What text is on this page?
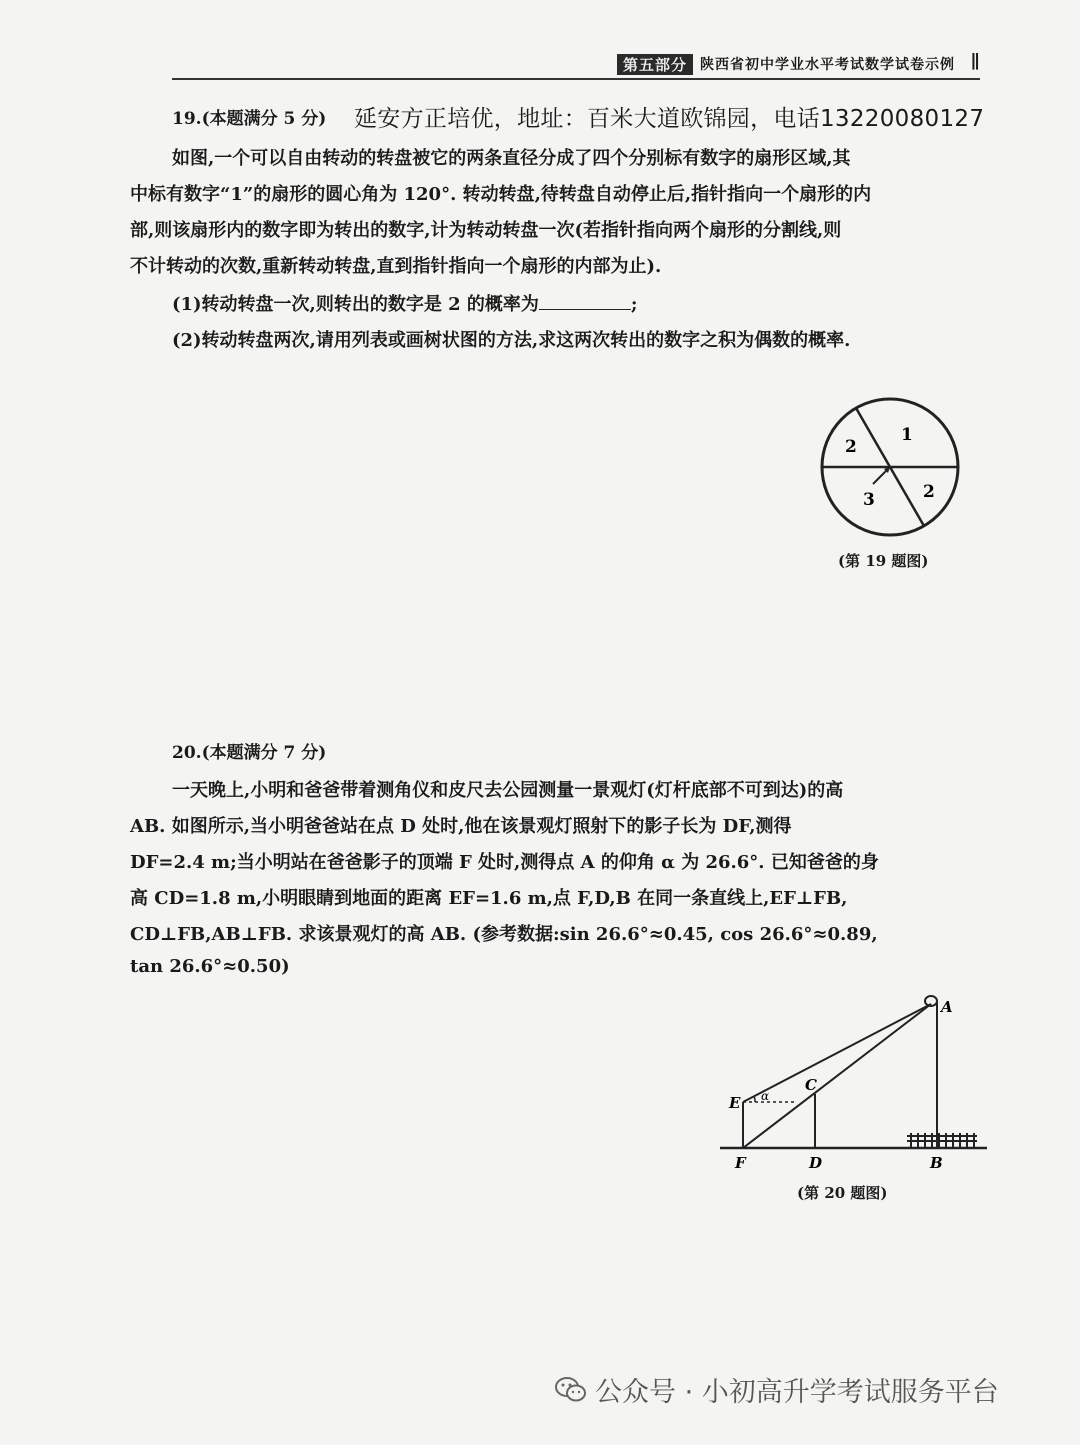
第五部分 陕西省初中学业水平考试数学试卷示例 ∥
19.(本题满分 5 分) 延安方正培优，地址：百米大道欧锦园，电话13220080127
如图,一个可以自由转动的转盘被它的两条直径分成了四个分别标有数字的扇形区域,其
中标有数字“1”的扇形的圆心角为 120°. 转动转盘,待转盘自动停止后,指针指向一个扇形的内
部,则该扇形内的数字即为转出的数字,计为转动转盘一次(若指针指向两个扇形的分割线,则
不计转动的次数,重新转动转盘,直到指针指向一个扇形的内部为止).
(1)转动转盘一次,则转出的数字是 2 的概率为	;
(2)转动转盘两次,请用列表或画树状图的方法,求这两次转出的数字之积为偶数的概率.
2
1
3	2
(第 19 题图)
20.(本题满分 7 分)
一天晚上,小明和爸爸带着测角仪和皮尺去公园测量一景观灯(灯杆底部不可到达)的高
AB. 如图所示,当小明爸爸站在点 D 处时,他在该景观灯照射下的影子长为 DF,测得
DF=2.4 m;当小明站在爸爸影子的顶端 F 处时,测得点 A 的仰角 α 为 26.6°. 已知爸爸的身
高 CD=1.8 m,小明眼睛到地面的距离 EF=1.6 m,点 F,D,B 在同一条直线上,EF⊥FB,
CD⊥FB,AB⊥FB. 求该景观灯的高 AB. (参考数据:sin 26.6°≈0.45, cos 26.6°≈0.89,
tan 26.6°≈0.50)
A
B
C
D
E
F
α
(第 20 题图)
公众号 · 小初高升学考试服务平台
